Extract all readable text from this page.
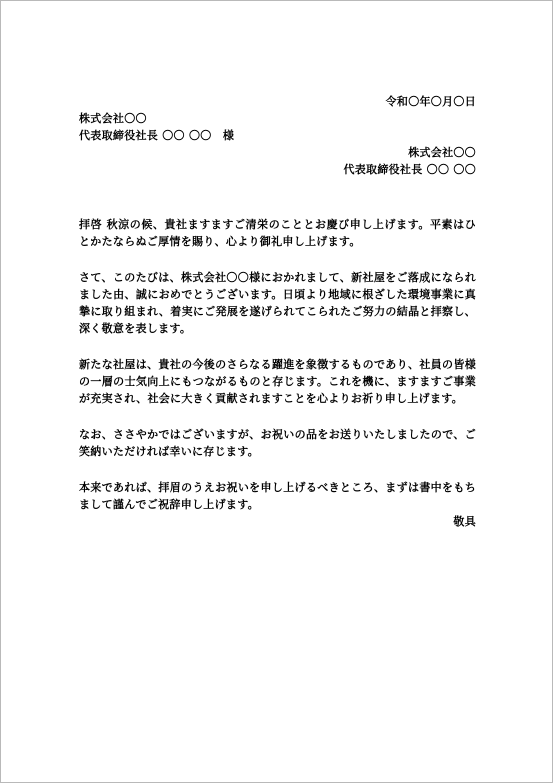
令和〇年〇月〇日
株式会社〇〇
代表取締役社長 〇〇 〇〇　様
株式会社〇〇
代表取締役社長 〇〇 〇〇

拝啓 秋涼の候、貴社ますますご清栄のこととお慶び申し上げます。平素はひとかたならぬご厚情を賜り、心より御礼申し上げます。

さて、このたびは、株式会社〇〇様におかれまして、新社屋をご落成になられました由、誠におめでとうございます。日頃より地域に根ざした環境事業に真摯に取り組まれ、着実にご発展を遂げられてこられたご努力の結晶と拝察し、深く敬意を表します。

新たな社屋は、貴社の今後のさらなる躍進を象徴するものであり、社員の皆様の一層の士気向上にもつながるものと存じます。これを機に、ますますご事業が充実され、社会に大きく貢献されますことを心よりお祈り申し上げます。

なお、ささやかではございますが、お祝いの品をお送りいたしましたので、ご笑納いただければ幸いに存じます。

本来であれば、拝眉のうえお祝いを申し上げるべきところ、まずは書中をもちまして謹んでご祝辞申し上げます。

敬具
